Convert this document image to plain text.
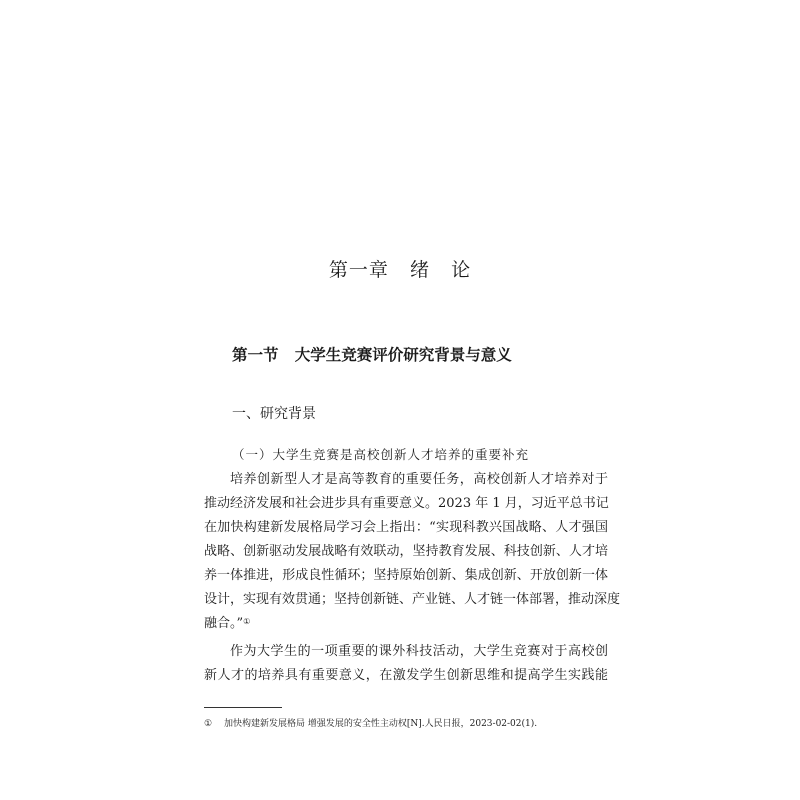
第一章   绪   论
第一节   大学生竞赛评价研究背景与意义
一、研究背景
（一）大学生竞赛是高校创新人才培养的重要补充
培养创新型人才是高等教育的重要任务，高校创新人才培养对于
推动经济发展和社会进步具有重要意义。2023 年 1 月，习近平总书记
在加快构建新发展格局学习会上指出：“实现科教兴国战略、人才强国
战略、创新驱动发展战略有效联动，坚持教育发展、科技创新、人才培
养一体推进，形成良性循环；坚持原始创新、集成创新、开放创新一体
设计，实现有效贯通；坚持创新链、产业链、人才链一体部署，推动深度
融合。”①
作为大学生的一项重要的课外科技活动，大学生竞赛对于高校创
新人才的培养具有重要意义，在激发学生创新思维和提高学生实践能
① 加快构建新发展格局 增强发展的安全性主动权[N].人民日报，2023-02-02(1).
